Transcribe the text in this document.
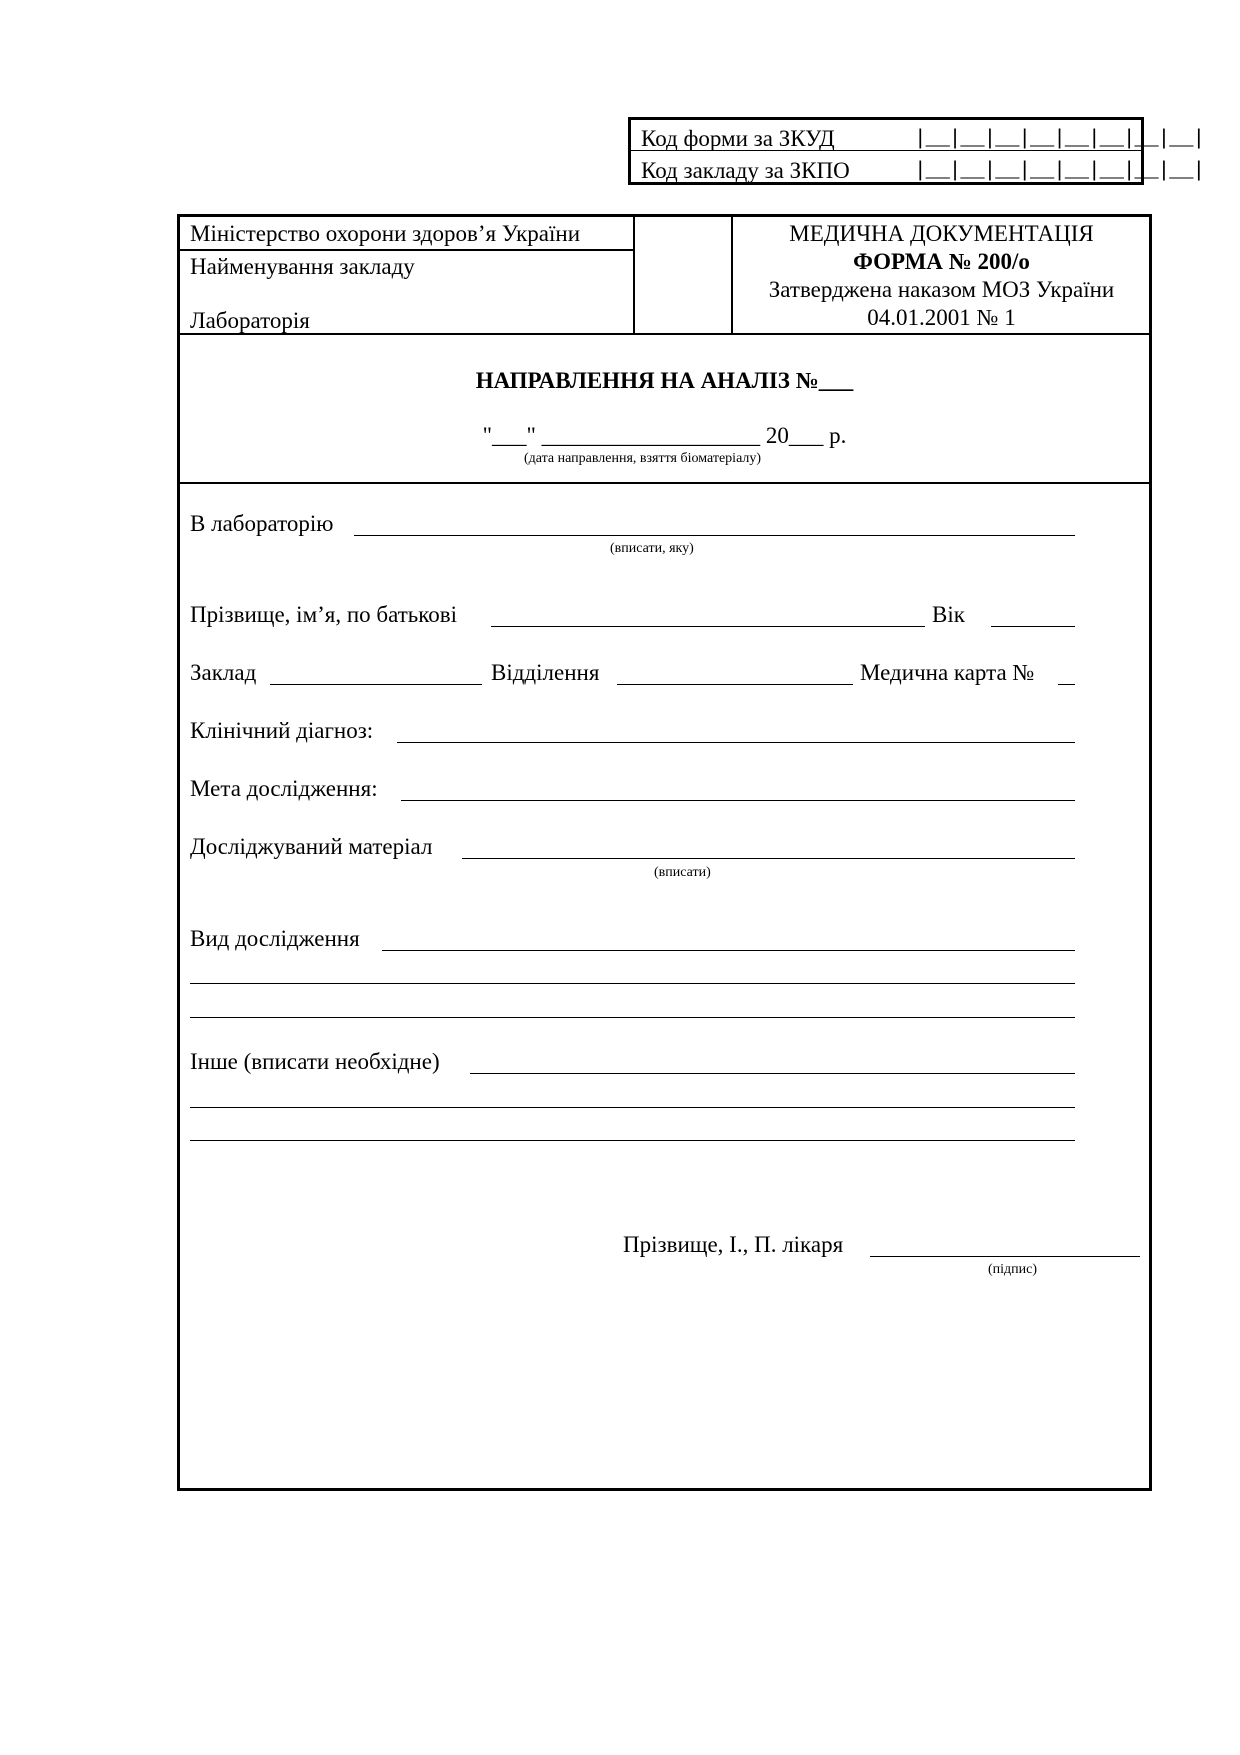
Код форми за ЗКУД	|__|__|__|__|__|__|__|__|
Код закладу за ЗКПО	|__|__|__|__|__|__|__|__|
Міністерство охорони здоров’я України
Найменування закладу
Лабораторія
МЕДИЧНА ДОКУМЕНТАЦІЯ
ФОРМА № 200/о
Затверджена наказом МОЗ України
04.01.2001 № 1
НАПРАВЛЕННЯ НА АНАЛІЗ №___
"___" ___________________ 20___ р.
(дата направлення, взяття біоматеріалу)
В лабораторію
(вписати, яку)
Прізвище, ім’я, по батькові	Вік
Заклад	Відділення	Медична карта №
Клінічний діагноз:
Мета дослідження:
Досліджуваний матеріал
(вписати)
Вид дослідження
Інше (вписати необхідне)
Прізвище, І., П. лікаря
(підпис)
